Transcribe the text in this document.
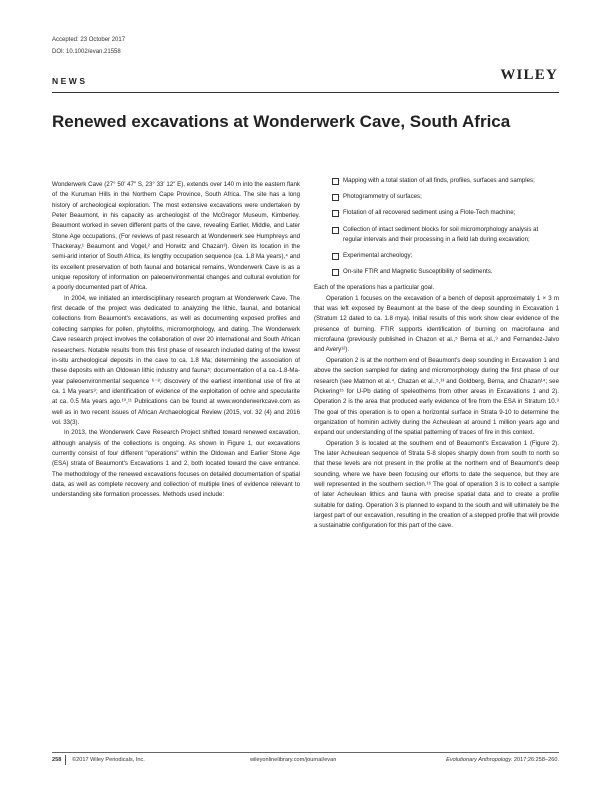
Accepted: 23 October 2017
DOI: 10.1002/evan.21558
NEWS	WILEY
Renewed excavations at Wonderwerk Cave, South Africa

Wonderwerk Cave (27° 50′ 47″ S, 23° 33′ 12″ E), extends over 140 m into the eastern flank of the Kuruman Hills in the Northern Cape Province, South Africa. The site has a long history of archeological exploration. The most extensive excavations were undertaken by Peter Beaumont, in his capacity as archeologist of the McGregor Museum, Kimberley. Beaumont worked in seven different parts of the cave, revealing Earlier, Middle, and Later Stone Age occupations, (For reviews of past research at Wonderwerk see Humphreys and Thackeray,¹ Beaumont and Vogel,² and Horwitz and Chazan³). Given its location in the semi-arid interior of South Africa, its lengthy occupation sequence (ca. 1.8 Ma years),⁴ and its excellent preservation of both faunal and botanical remains, Wonderwerk Cave is as a unique repository of information on paleoenvironmental changes and cultural evolution for a poorly documented part of Africa.

In 2004, we initiated an interdisciplinary research program at Wonderwerk Cave. The first decade of the project was dedicated to analyzing the lithic, faunal, and botanical collections from Beaumont's excavations, as well as documenting exposed profiles and collecting samples for pollen, phytoliths, micromorphology, and dating. The Wonderwerk Cave research project involves the collaboration of over 20 international and South African researchers. Notable results from this first phase of research included dating of the lowest in-situ archeological deposits in the cave to ca. 1.8 Ma; determining the association of these deposits with an Oldowan lithic industry and fauna⁵; documentation of a ca.-1.8-Ma- year paleoenvironmental sequence ⁶⁻⁸; discovery of the earliest intentional use of fire at ca. 1 Ma years⁹; and identification of evidence of the exploitation of ochre and specularite at ca. 0.5 Ma years ago.¹⁰,¹¹ Publications can be found at www.wonderwerkcave.com as well as in two recent issues of African Archaeological Review (2015, vol. 32 (4) and 2016 vol. 33(3).

In 2013, the Wonderwerk Cave Research Project shifted toward renewed excavation, although analysis of the collections is ongoing. As shown in Figure 1, our excavations currently consist of four different "operations" within the Oldowan and Earlier Stone Age (ESA) strata of Beaumont's Excavations 1 and 2, both located toward the cave entrance. The methodology of the renewed excavations focuses on detailed documentation of spatial data, as well as complete recovery and collection of multiple lines of evidence relevant to understanding site formation processes. Methods used include:

Mapping with a total station of all finds, profiles, surfaces and samples;
Photogrammetry of surfaces;
Flotation of all recovered sediment using a Flote-Tech machine;
Collection of intact sediment blocks for soil micromorphology analysis at regular intervals and their processing in a field lab during excavation;
Experimental archeology;
On-site FTIR and Magnetic Susceptibility of sediments.

Each of the operations has a particular goal.

Operation 1 focuses on the excavation of a bench of deposit approximately 1 × 3 m that was left exposed by Beaumont at the base of the deep sounding in Excavation 1 (Stratum 12 dated to ca. 1.8 mya). Initial results of this work show clear evidence of the presence of burning. FTIR supports identification of burning on macrofauna and microfauna (previously published in Chazon et al.,⁵ Berna et al.,⁹ and Fernandez-Jalvo and Avery¹²).

Operation 2 is at the northern end of Beaumont's deep sounding in Excavation 1 and above the section sampled for dating and micromorphology during the first phase of our research (see Matmon et al.⁴, Chazan et al.,⁵,¹³ and Goldberg, Berna, and Chazan¹⁴; see Pickering¹⁵ for U-Pb dating of speleothems from other areas in Excavations 1 and 2). Operation 2 is the area that produced early evidence of fire from the ESA in Stratum 10.⁹ The goal of this operation is to open a horizontal surface in Strata 9-10 to determine the organization of hominin activity during the Acheulean at around 1 million years ago and expand our understanding of the spatial patterning of traces of fire in this context.

Operation 3 is located at the southern end of Beaumont's Excavation 1 (Figure 2). The later Acheulean sequence of Strata 5-8 slopes sharply down from south to north so that these levels are not present in the profile at the northern end of Beaumont's deep sounding, where we have been focusing our efforts to date the sequence, but they are well represented in the southern section.¹⁶ The goal of operation 3 is to collect a sample of later Acheulean lithics and fauna with precise spatial data and to create a profile suitable for dating. Operation 3 is planned to expand to the south and will ultimately be the largest part of our excavation, resulting in the creation of a stepped profile that will provide a sustainable configuration for this part of the cave.

258 ©2017 Wiley Periodicals, Inc.	wileyonlinelibrary.com/journal/evan	Evolutionary Anthropology. 2017;26:258–260.
